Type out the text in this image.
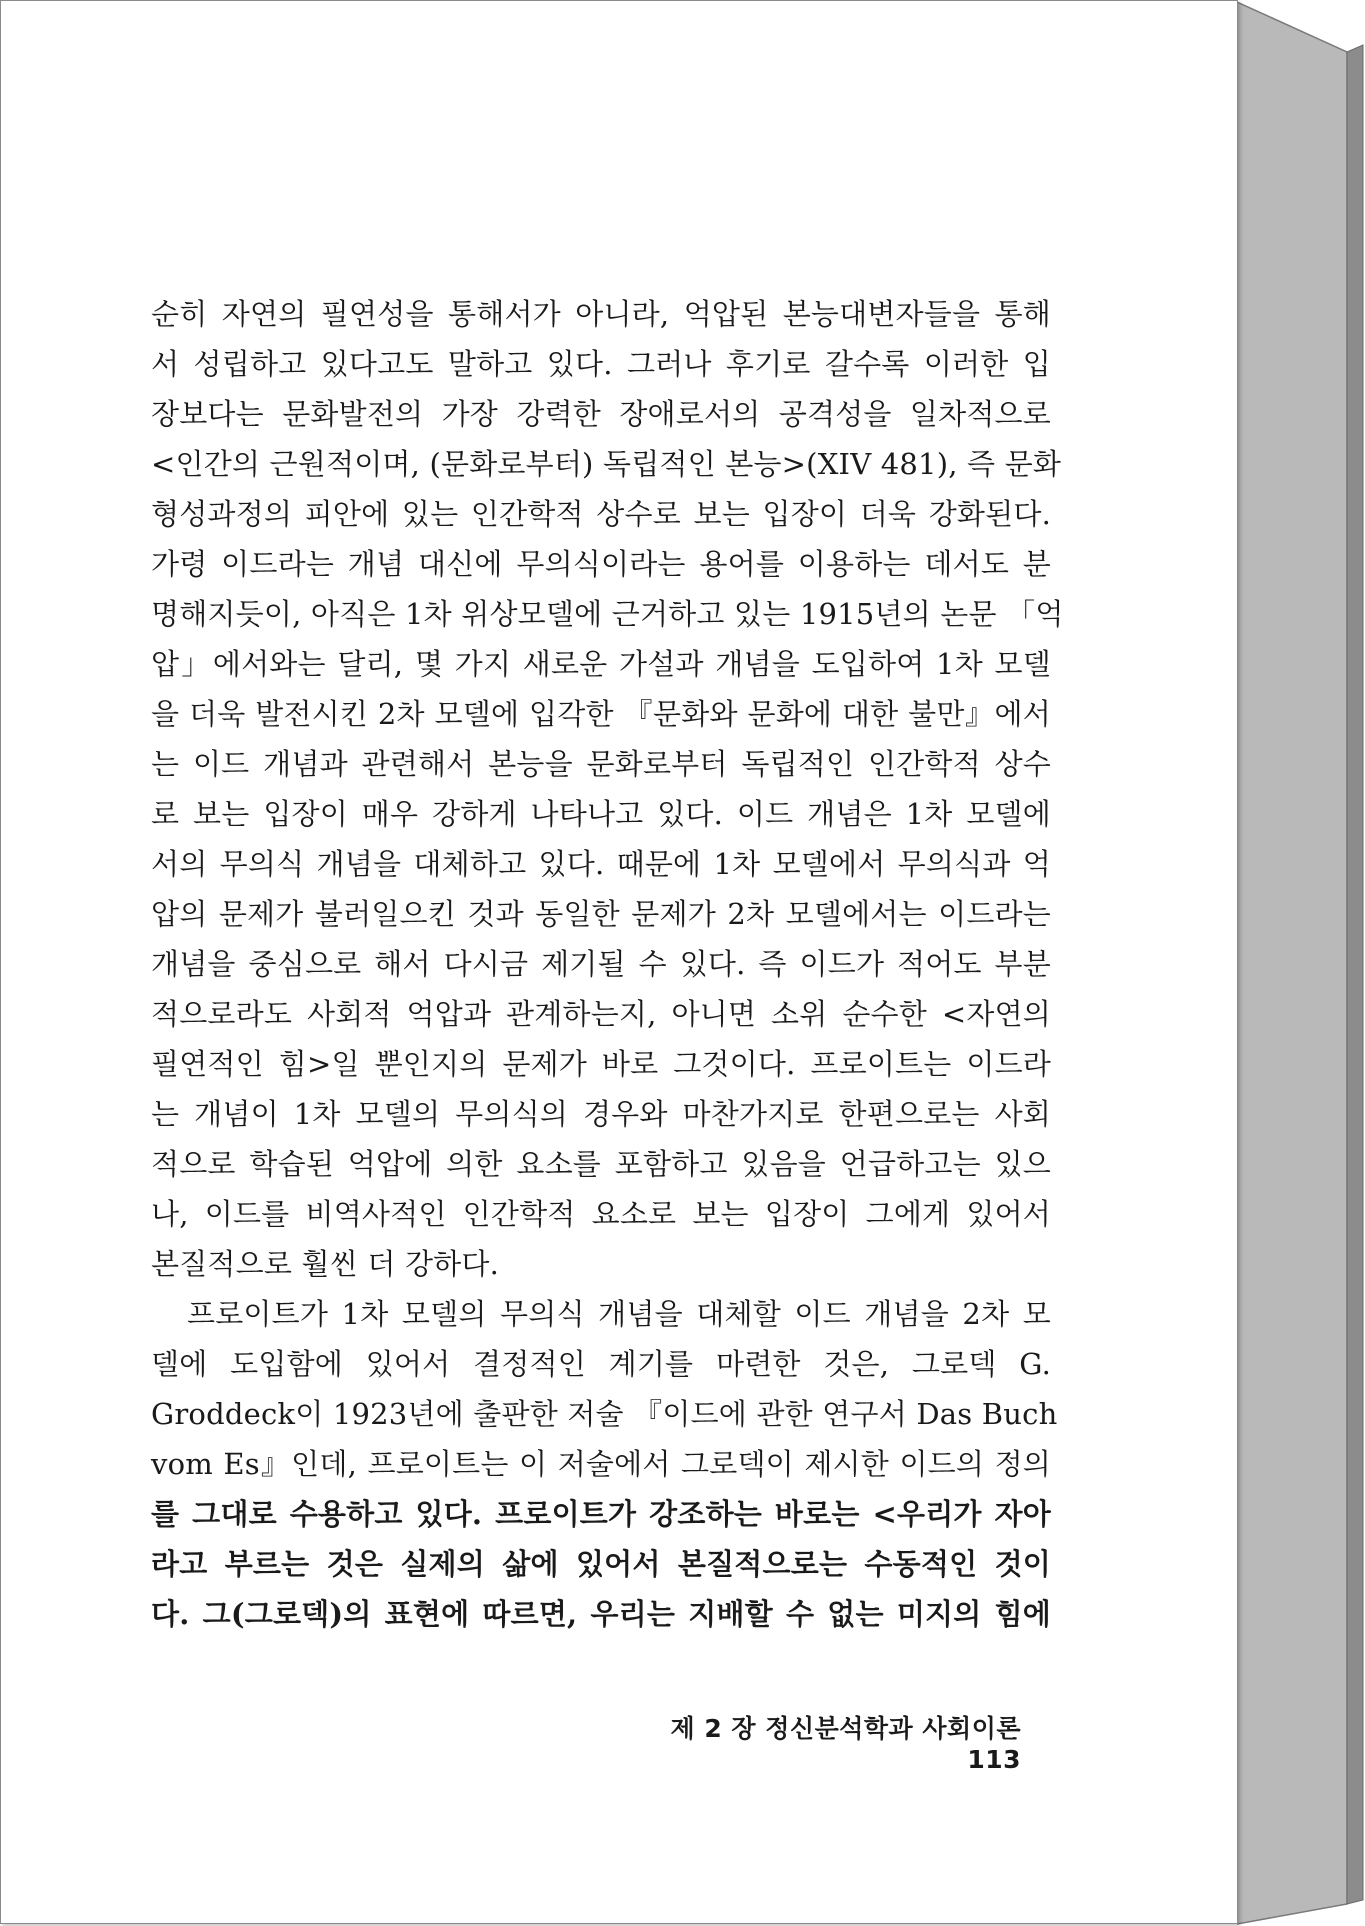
순히 자연의 필연성을 통해서가 아니라, 억압된 본능대변자들을 통해
서 성립하고 있다고도 말하고 있다. 그러나 후기로 갈수록 이러한 입
장보다는 문화발전의 가장 강력한 장애로서의 공격성을 일차적으로
<인간의 근원적이며, (문화로부터) 독립적인 본능>(XIV 481), 즉 문화
형성과정의 피안에 있는 인간학적 상수로 보는 입장이 더욱 강화된다.
가령 이드라는 개념 대신에 무의식이라는 용어를 이용하는 데서도 분
명해지듯이, 아직은 1차 위상모델에 근거하고 있는 1915년의 논문 「억
압」에서와는 달리, 몇 가지 새로운 가설과 개념을 도입하여 1차 모델
을 더욱 발전시킨 2차 모델에 입각한 『문화와 문화에 대한 불만』에서
는 이드 개념과 관련해서 본능을 문화로부터 독립적인 인간학적 상수
로 보는 입장이 매우 강하게 나타나고 있다. 이드 개념은 1차 모델에
서의 무의식 개념을 대체하고 있다. 때문에 1차 모델에서 무의식과 억
압의 문제가 불러일으킨 것과 동일한 문제가 2차 모델에서는 이드라는
개념을 중심으로 해서 다시금 제기될 수 있다. 즉 이드가 적어도 부분
적으로라도 사회적 억압과 관계하는지, 아니면 소위 순수한 <자연의
필연적인 힘>일 뿐인지의 문제가 바로 그것이다. 프로이트는 이드라
는 개념이 1차 모델의 무의식의 경우와 마찬가지로 한편으로는 사회
적으로 학습된 억압에 의한 요소를 포함하고 있음을 언급하고는 있으
나, 이드를 비역사적인 인간학적 요소로 보는 입장이 그에게 있어서
본질적으로 훨씬 더 강하다.
프로이트가 1차 모델의 무의식 개념을 대체할 이드 개념을 2차 모
델에 도입함에 있어서 결정적인 계기를 마련한 것은, 그로덱 G.
Groddeck이 1923년에 출판한 저술 『이드에 관한 연구서 Das Buch
vom Es』인데, 프로이트는 이 저술에서 그로덱이 제시한 이드의 정의
를 그대로 수용하고 있다. 프로이트가 강조하는 바로는 <우리가 자아
라고 부르는 것은 실제의 삶에 있어서 본질적으로는 수동적인 것이
다. 그(그로덱)의 표현에 따르면, 우리는 지배할 수 없는 미지의 힘에
제 2 장 정신분석학과 사회이론 113
